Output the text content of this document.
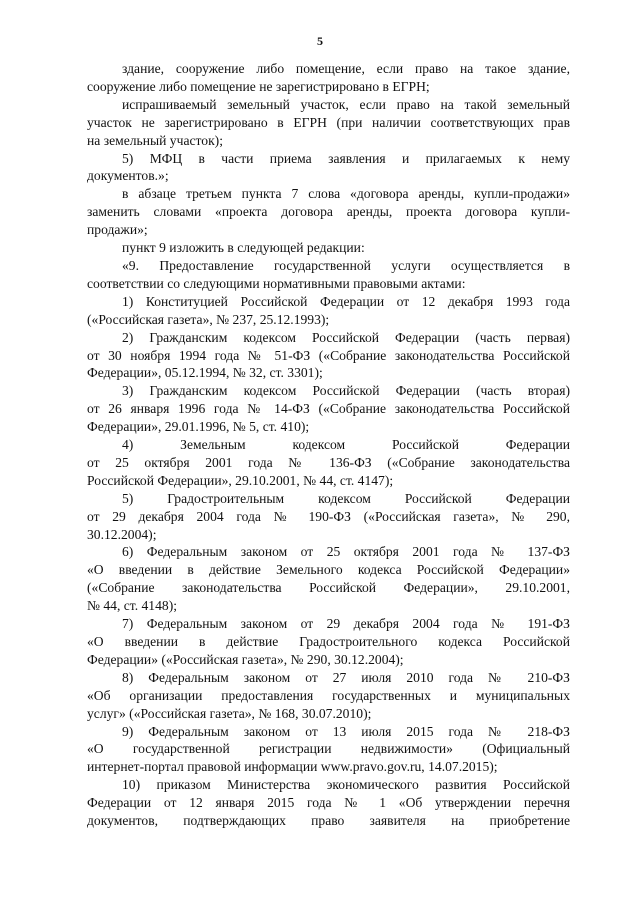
5

здание, сооружение либо помещение, если право на такое здание,
сооружение либо помещение не зарегистрировано в ЕГРН;

испрашиваемый земельный участок, если право на такой земельный
участок не зарегистрировано в ЕГРН (при наличии соответствующих прав
на земельный участок);

5) МФЦ в части приема заявления и прилагаемых к нему
документов.»;

в абзаце третьем пункта 7 слова «договора аренды, купли-продажи»
заменить словами «проекта договора аренды, проекта договора купли-
продажи»;

пункт 9 изложить в следующей редакции:

«9. Предоставление государственной услуги осуществляется в
соответствии со следующими нормативными правовыми актами:

1) Конституцией Российской Федерации от 12 декабря 1993 года
(«Российская газета», № 237, 25.12.1993);

2) Гражданским кодексом Российской Федерации (часть первая)
от 30 ноября 1994 года № 51-ФЗ («Собрание законодательства Российской
Федерации», 05.12.1994, № 32, ст. 3301);

3) Гражданским кодексом Российской Федерации (часть вторая)
от 26 января 1996 года № 14-ФЗ («Собрание законодательства Российской
Федерации», 29.01.1996, № 5, ст. 410);

4) Земельным кодексом Российской Федерации
от 25 октября 2001 года № 136-ФЗ («Собрание законодательства
Российской Федерации», 29.10.2001, № 44, ст. 4147);

5) Градостроительным кодексом Российской Федерации
от 29 декабря 2004 года № 190-ФЗ («Российская газета», № 290,
30.12.2004);

6) Федеральным законом от 25 октября 2001 года № 137-ФЗ
«О введении в действие Земельного кодекса Российской Федерации»
(«Собрание законодательства Российской Федерации», 29.10.2001,
№ 44, ст. 4148);

7) Федеральным законом от 29 декабря 2004 года № 191-ФЗ
«О введении в действие Градостроительного кодекса Российской
Федерации» («Российская газета», № 290, 30.12.2004);

8) Федеральным законом от 27 июля 2010 года № 210-ФЗ
«Об организации предоставления государственных и муниципальных
услуг» («Российская газета», № 168, 30.07.2010);

9) Федеральным законом от 13 июля 2015 года № 218-ФЗ
«О государственной регистрации недвижимости» (Официальный
интернет-портал правовой информации www.pravo.gov.ru, 14.07.2015);

10) приказом Министерства экономического развития Российской
Федерации от 12 января 2015 года № 1 «Об утверждении перечня
документов, подтверждающих право заявителя на приобретение
